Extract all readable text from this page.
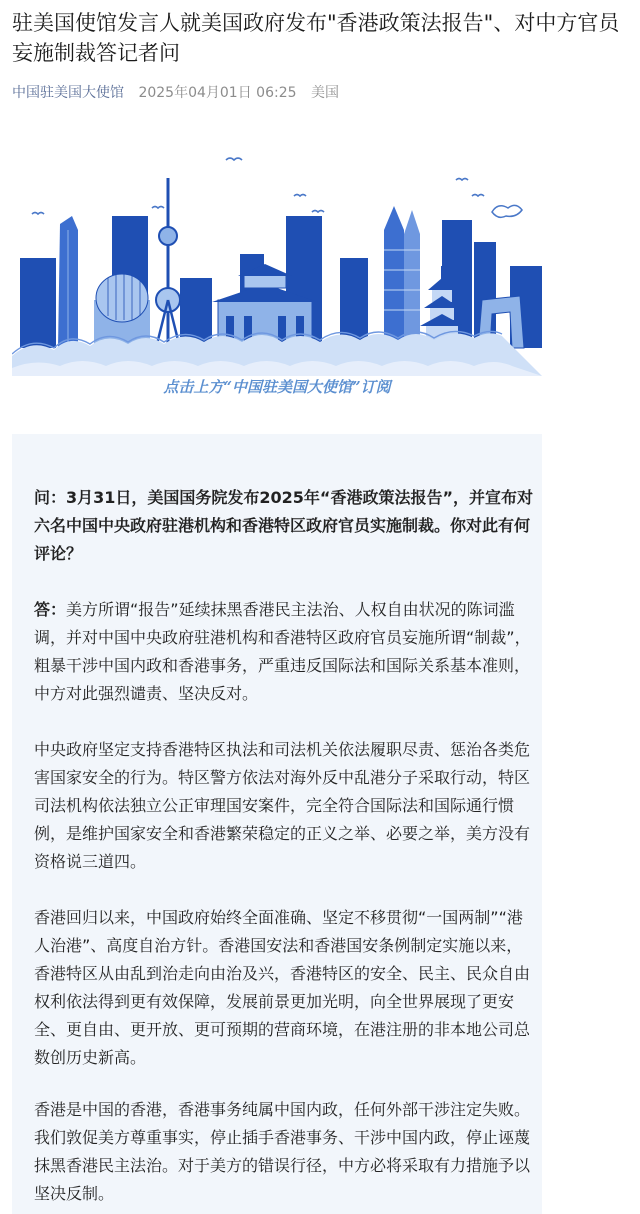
驻美国使馆发言人就美国政府发布"香港政策法报告"、对中方官员妄施制裁答记者问
中国驻美国大使馆 2025年04月01日 06:25 美国
点击上方“中国驻美国大使馆”订阅

问：3月31日，美国国务院发布2025年“香港政策法报告”，并宣布对六名中国中央政府驻港机构和香港特区政府官员实施制裁。你对此有何评论？

答：美方所谓“报告”延续抹黑香港民主法治、人权自由状况的陈词滥调，并对中国中央政府驻港机构和香港特区政府官员妄施所谓“制裁”，粗暴干涉中国内政和香港事务，严重违反国际法和国际关系基本准则，中方对此强烈谴责、坚决反对。

中央政府坚定支持香港特区执法和司法机关依法履职尽责、惩治各类危害国家安全的行为。特区警方依法对海外反中乱港分子采取行动，特区司法机构依法独立公正审理国安案件，完全符合国际法和国际通行惯例，是维护国家安全和香港繁荣稳定的正义之举、必要之举，美方没有资格说三道四。

香港回归以来，中国政府始终全面准确、坚定不移贯彻“一国两制”“港人治港”、高度自治方针。香港国安法和香港国安条例制定实施以来，香港特区从由乱到治走向由治及兴，香港特区的安全、民主、民众自由权利依法得到更有效保障，发展前景更加光明，向全世界展现了更安全、更自由、更开放、更可预期的营商环境，在港注册的非本地公司总数创历史新高。

香港是中国的香港，香港事务纯属中国内政，任何外部干涉注定失败。我们敦促美方尊重事实，停止插手香港事务、干涉中国内政，停止诬蔑抹黑香港民主法治。对于美方的错误行径，中方必将采取有力措施予以坚决反制。
